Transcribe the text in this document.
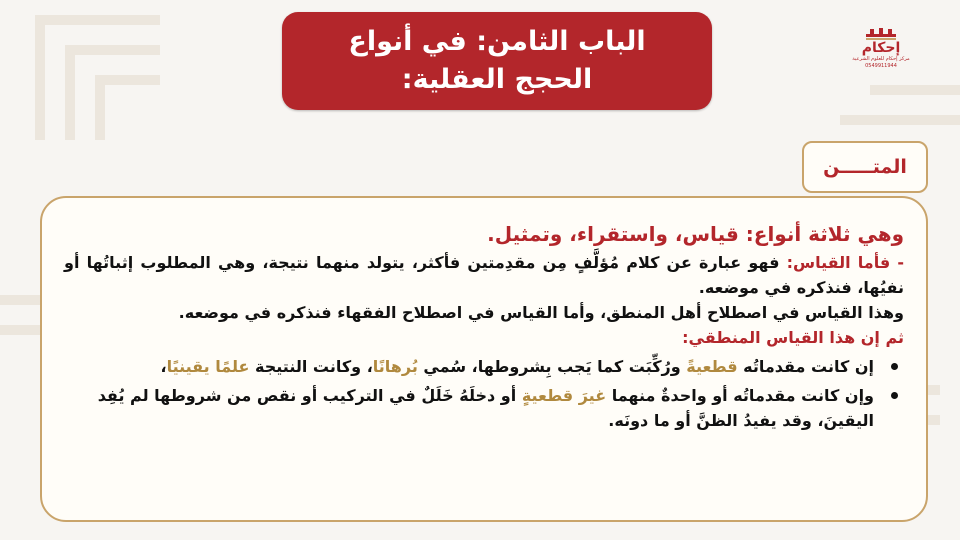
الباب الثامن: في أنواع
الحجج العقلية:
إحكام
مركز إحكام للعلوم الشرعية
0549911944
المتـــــن

وهي ثلاثة أنواع: قياس، واستقراء، وتمثيل.

- فأما القياس: فهو عبارة عن كلام مُؤلَّفٍ مِن مقدِمتين فأكثر، يتولد منهما نتيجة، وهي المطلوب إثباتُها أو نفيُها، فنذكره في موضعه.

وهذا القياس في اصطلاح أهل المنطق، وأما القياس في اصطلاح الفقهاء فنذكره في موضعه.

ثم إن هذا القياس المنطقي:

إن كانت مقدماتُه قطعيةً ورُكِّبَت كما يَجب بِشروطها، سُمي بُرهانًا، وكانت النتيجة علمًا يقينيًا،
وإن كانت مقدماتُه أو واحدةٌ منهما غيرَ قطعيةٍ أو دخلَهُ خَلَلٌ في التركيب أو نقص من شروطها لم يُفِد اليقينَ، وقد يفيدُ الظنَّ أو ما دونَه.
